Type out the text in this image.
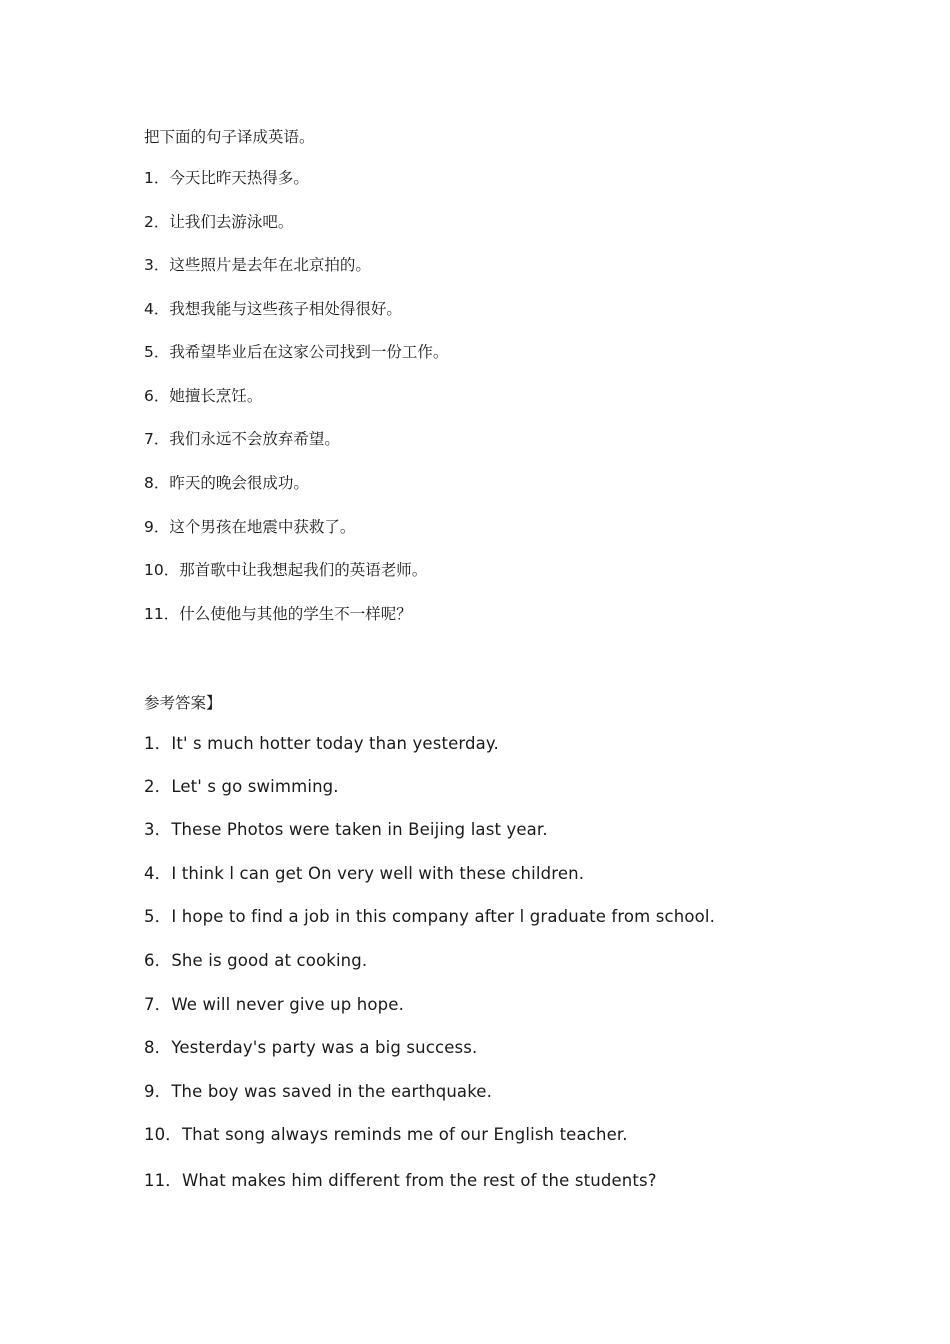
把下面的句子译成英语。
1．今天比昨天热得多。
2．让我们去游泳吧。
3．这些照片是去年在北京拍的。
4．我想我能与这些孩子相处得很好。
5．我希望毕业后在这家公司找到一份工作。
6．她擅长烹饪。
7．我们永远不会放弃希望。
8．昨天的晚会很成功。
9．这个男孩在地震中获救了。
10．那首歌中让我想起我们的英语老师。
11．什么使他与其他的学生不一样呢？
参考答案】
1．It' s much hotter today than yesterday.
2．Let' s go swimming.
3．These Photos were taken in Beijing last year.
4．I think l can get On very well with these children.
5．I hope to find a job in this company after l graduate from school.
6．She is good at cooking.
7．We will never give up hope.
8．Yesterday's party was a big success.
9．The boy was saved in the earthquake.
10．That song always reminds me of our English teacher.
11．What makes him different from the rest of the students?
